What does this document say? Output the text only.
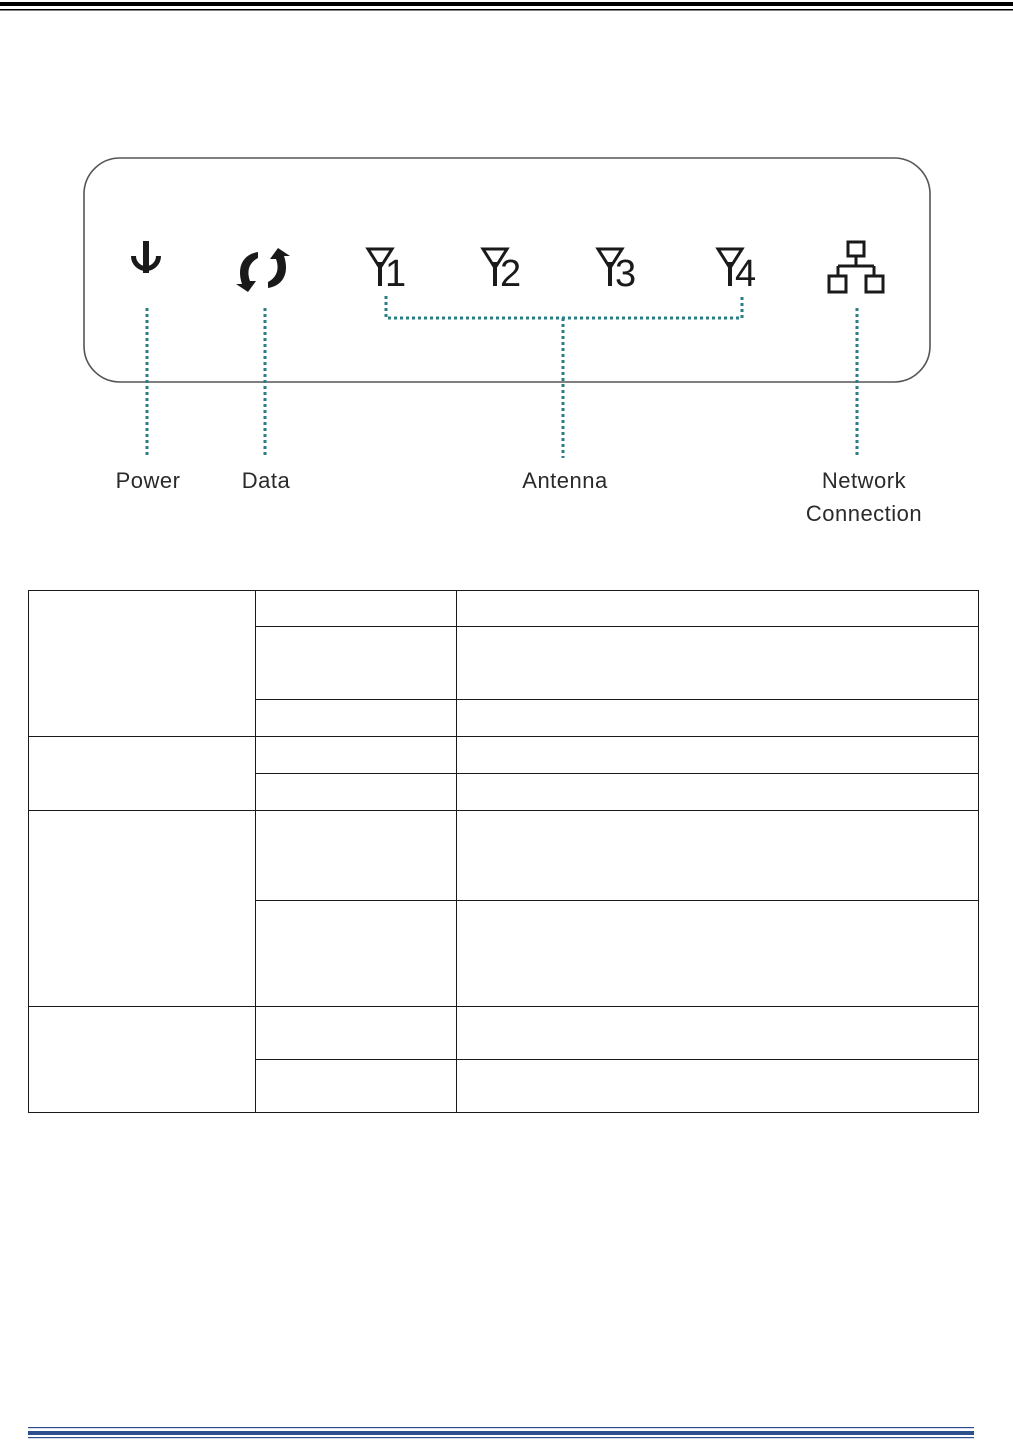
1 2 3	4
Power	Data	Antenna	Network
Connection
